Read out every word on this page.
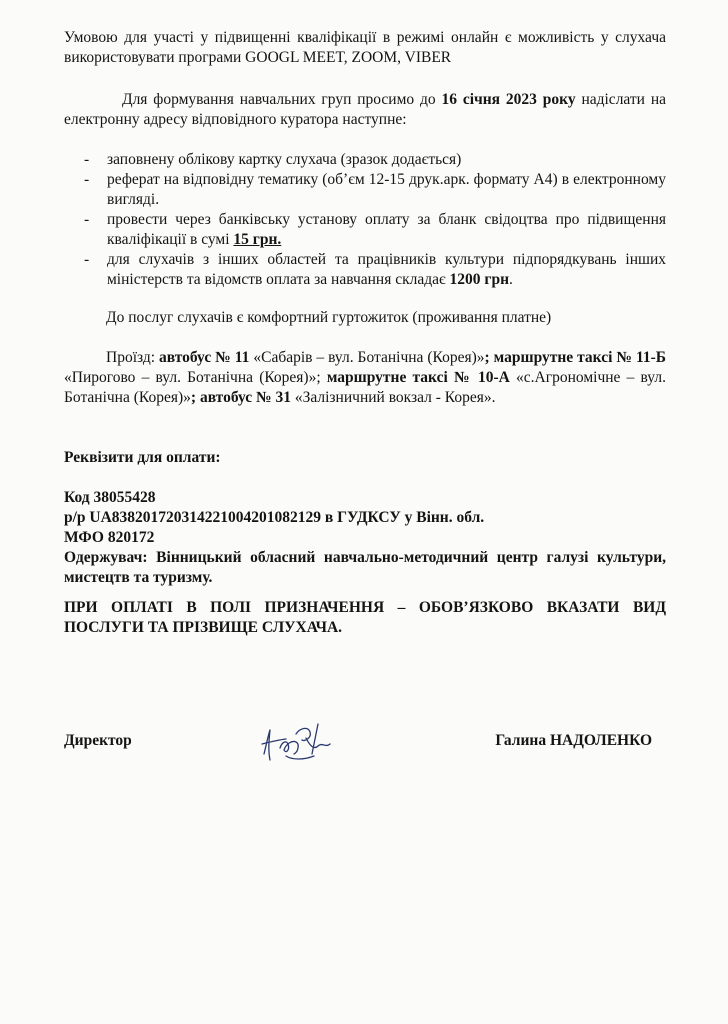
Умовою для участі у підвищенні кваліфікації в режимі онлайн є можливість у слухача використовувати програми GOOGL MEET, ZOOM, VIBER

Для формування навчальних груп просимо до 16 січня 2023 року надіслати на електронну адресу відповідного куратора наступне:

- заповнену облікову картку слухача (зразок додається)
- реферат на відповідну тематику (об’єм 12-15 друк.арк. формату А4) в електронному вигляді.
- провести через банківську установу оплату за бланк свідоцтва про підвищення кваліфікації в сумі 15 грн.
- для слухачів з інших областей та працівників культури підпорядкувань інших міністерств та відомств оплата за навчання складає 1200 грн.

До послуг слухачів є комфортний гуртожиток (проживання платне)

Проїзд: автобус № 11 «Сабарів – вул. Ботанічна (Корея)»; маршрутне таксі № 11-Б «Пирогово – вул. Ботанічна (Корея)»; маршрутне таксі № 10-А «с.Агрономічне – вул. Ботанічна (Корея)»; автобус № 31 «Залізничний вокзал - Корея».

Реквізити для оплати:

Код 38055428
р/р UA838201720314221004201082129 в ГУДКСУ у Вінн. обл.
МФО 820172
Одержувач: Вінницький обласний навчально-методичний центр галузі культури, мистецтв та туризму.

ПРИ ОПЛАТІ В ПОЛІ ПРИЗНАЧЕННЯ – ОБОВ’ЯЗКОВО ВКАЗАТИ ВИД ПОСЛУГИ ТА ПРІЗВИЩЕ СЛУХАЧА.

Директор	Галина НАДОЛЕНКО
